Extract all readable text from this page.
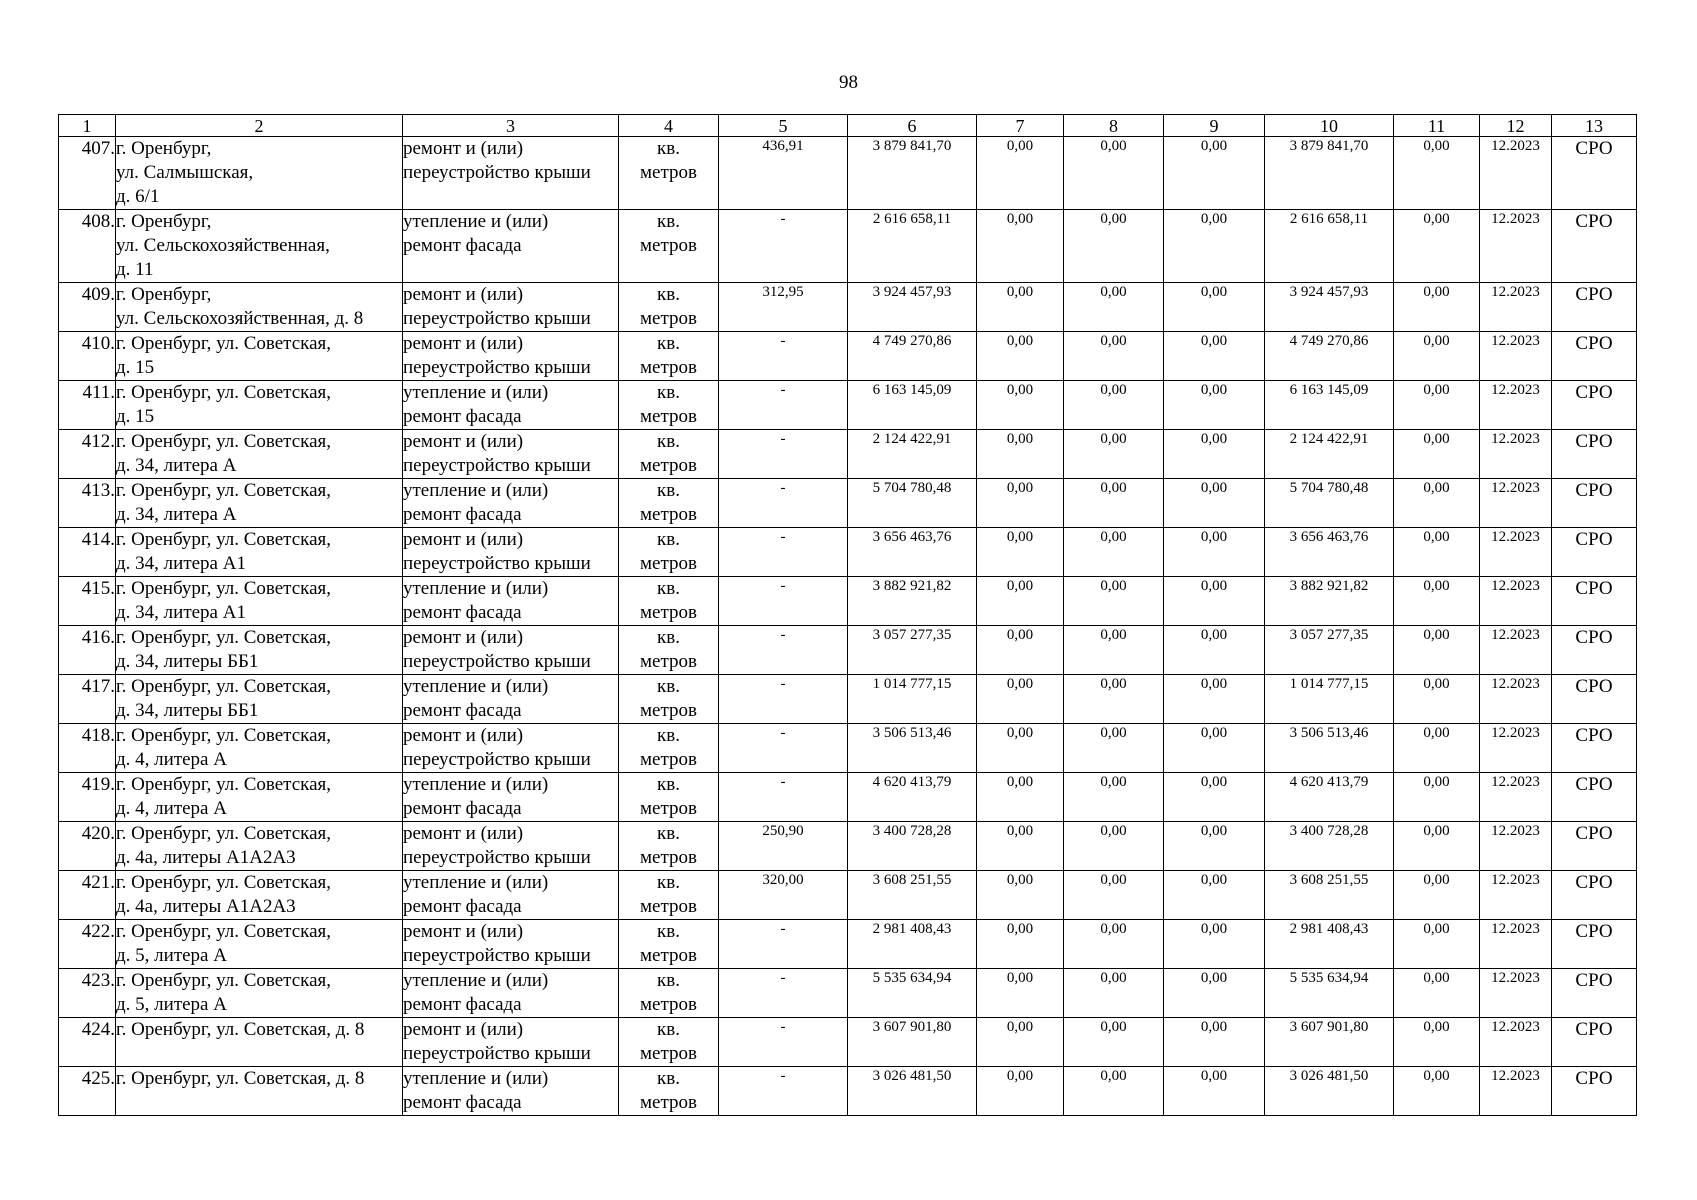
98
1	2	3	4	5	6	7	8	9	10	11	12	13
407.	г. Оренбург,
ул. Салмышская,
д. 6/1	ремонт и (или)
переустройство крыши	кв.
метров	436,91	3 879 841,70	0,00	0,00	0,00	3 879 841,70	0,00	12.2023	СРО
408.	г. Оренбург,
ул. Сельскохозяйственная,
д. 11	утепление и (или)
ремонт фасада	кв.
метров	-	2 616 658,11	0,00	0,00	0,00	2 616 658,11	0,00	12.2023	СРО
409.	г. Оренбург,
ул. Сельскохозяйственная, д. 8	ремонт и (или)
переустройство крыши	кв.
метров	312,95	3 924 457,93	0,00	0,00	0,00	3 924 457,93	0,00	12.2023	СРО
410.	г. Оренбург, ул. Советская,
д. 15	ремонт и (или)
переустройство крыши	кв.
метров	-	4 749 270,86	0,00	0,00	0,00	4 749 270,86	0,00	12.2023	СРО
411.	г. Оренбург, ул. Советская,
д. 15	утепление и (или)
ремонт фасада	кв.
метров	-	6 163 145,09	0,00	0,00	0,00	6 163 145,09	0,00	12.2023	СРО
412.	г. Оренбург, ул. Советская,
д. 34, литера А	ремонт и (или)
переустройство крыши	кв.
метров	-	2 124 422,91	0,00	0,00	0,00	2 124 422,91	0,00	12.2023	СРО
413.	г. Оренбург, ул. Советская,
д. 34, литера А	утепление и (или)
ремонт фасада	кв.
метров	-	5 704 780,48	0,00	0,00	0,00	5 704 780,48	0,00	12.2023	СРО
414.	г. Оренбург, ул. Советская,
д. 34, литера А1	ремонт и (или)
переустройство крыши	кв.
метров	-	3 656 463,76	0,00	0,00	0,00	3 656 463,76	0,00	12.2023	СРО
415.	г. Оренбург, ул. Советская,
д. 34, литера А1	утепление и (или)
ремонт фасада	кв.
метров	-	3 882 921,82	0,00	0,00	0,00	3 882 921,82	0,00	12.2023	СРО
416.	г. Оренбург, ул. Советская,
д. 34, литеры ББ1	ремонт и (или)
переустройство крыши	кв.
метров	-	3 057 277,35	0,00	0,00	0,00	3 057 277,35	0,00	12.2023	СРО
417.	г. Оренбург, ул. Советская,
д. 34, литеры ББ1	утепление и (или)
ремонт фасада	кв.
метров	-	1 014 777,15	0,00	0,00	0,00	1 014 777,15	0,00	12.2023	СРО
418.	г. Оренбург, ул. Советская,
д. 4, литера А	ремонт и (или)
переустройство крыши	кв.
метров	-	3 506 513,46	0,00	0,00	0,00	3 506 513,46	0,00	12.2023	СРО
419.	г. Оренбург, ул. Советская,
д. 4, литера А	утепление и (или)
ремонт фасада	кв.
метров	-	4 620 413,79	0,00	0,00	0,00	4 620 413,79	0,00	12.2023	СРО
420.	г. Оренбург, ул. Советская,
д. 4а, литеры А1А2А3	ремонт и (или)
переустройство крыши	кв.
метров	250,90	3 400 728,28	0,00	0,00	0,00	3 400 728,28	0,00	12.2023	СРО
421.	г. Оренбург, ул. Советская,
д. 4а, литеры А1А2А3	утепление и (или)
ремонт фасада	кв.
метров	320,00	3 608 251,55	0,00	0,00	0,00	3 608 251,55	0,00	12.2023	СРО
422.	г. Оренбург, ул. Советская,
д. 5, литера А	ремонт и (или)
переустройство крыши	кв.
метров	-	2 981 408,43	0,00	0,00	0,00	2 981 408,43	0,00	12.2023	СРО
423.	г. Оренбург, ул. Советская,
д. 5, литера А	утепление и (или)
ремонт фасада	кв.
метров	-	5 535 634,94	0,00	0,00	0,00	5 535 634,94	0,00	12.2023	СРО
424.	г. Оренбург, ул. Советская, д. 8	ремонт и (или)
переустройство крыши	кв.
метров	-	3 607 901,80	0,00	0,00	0,00	3 607 901,80	0,00	12.2023	СРО
425.	г. Оренбург, ул. Советская, д. 8	утепление и (или)
ремонт фасада	кв.
метров	-	3 026 481,50	0,00	0,00	0,00	3 026 481,50	0,00	12.2023	СРО
